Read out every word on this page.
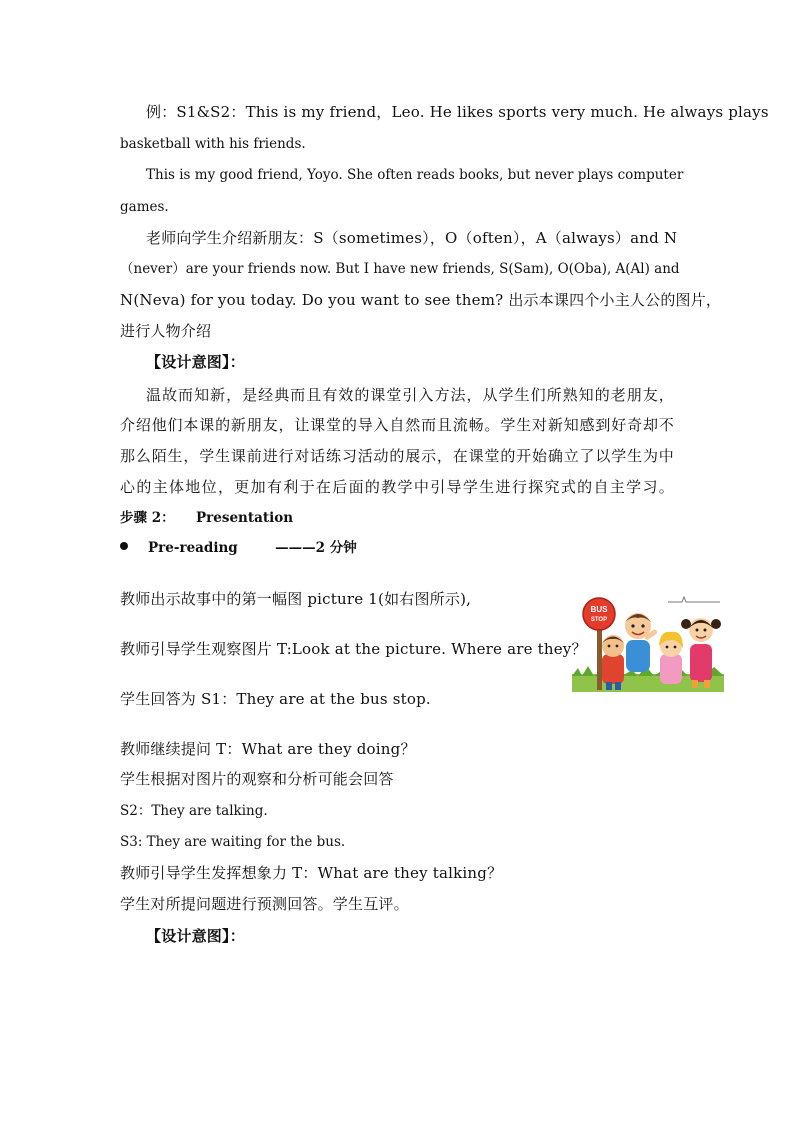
例：S1&S2：This is my friend，Leo. He likes sports very much. He always plays
basketball with his friends.
This is my good friend, Yoyo. She often reads books, but never plays computer
games.
老师向学生介绍新朋友：S（sometimes），O（often），A（always）and N
（never）are your friends now. But I have new friends, S(Sam), O(Oba), A(Al) and
N(Neva) for you today. Do you want to see them? 出示本课四个小主人公的图片，
进行人物介绍
【设计意图】：
温故而知新，是经典而且有效的课堂引入方法，从学生们所熟知的老朋友，
介绍他们本课的新朋友，让课堂的导入自然而且流畅。学生对新知感到好奇却不
那么陌生，学生课前进行对话练习活动的展示，在课堂的开始确立了以学生为中
心的主体地位，更加有利于在后面的教学中引导学生进行探究式的自主学习。
步骤 2： Presentation
Pre-reading	———2 分钟
教师出示故事中的第一幅图 picture 1(如右图所示),
教师引导学生观察图片 T:Look at the picture. Where are they？
学生回答为 S1：They are at the bus stop.
教师继续提问 T：What are they doing？
学生根据对图片的观察和分析可能会回答
S2：They are talking.
S3: They are waiting for the bus.
教师引导学生发挥想象力 T：What are they talking？
学生对所提问题进行预测回答。学生互评。
【设计意图】：
BUS
STOP
